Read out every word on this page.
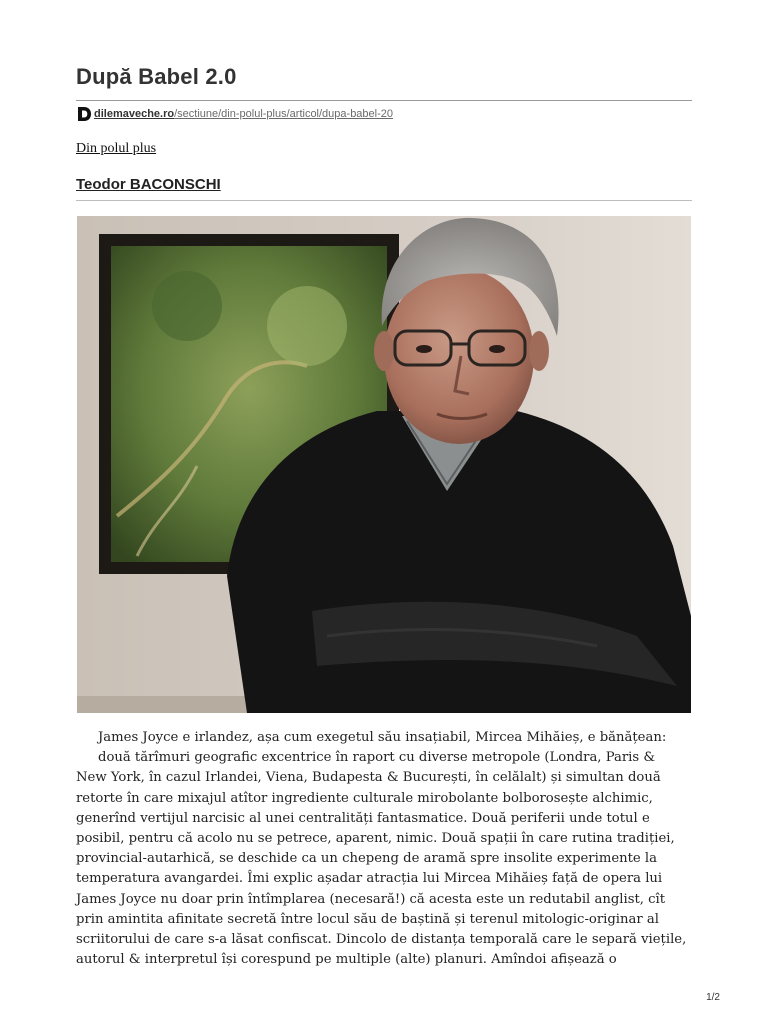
După Babel 2.0
dilemaveche.ro /sectiune/din-polul-plus/articol/dupa-babel-20
Din polul plus
Teodor BACONSCHI

James Joyce e irlandez, așa cum exegetul său insațiabil, Mircea Mihăieș, e bănățean:
două tărîmuri geografic excentrice în raport cu diverse metropole (Londra, Paris &
New York, în cazul Irlandei, Viena, Budapesta & București, în celălalt) și simultan două
retorte în care mixajul atîtor ingrediente culturale mirobolante bolborosește alchimic,
generînd vertijul narcisic al unei centralități fantasmatice. Două periferii unde totul e
posibil, pentru că acolo nu se petrece, aparent, nimic. Două spații în care rutina tradiției,
provincial-autarhică, se deschide ca un chepeng de aramă spre insolite experimente la
temperatura avangardei. Îmi explic așadar atracția lui Mircea Mihăieș față de opera lui
James Joyce nu doar prin întîmplarea (necesară!) că acesta este un redutabil anglist, cît
prin amintita afinitate secretă între locul său de baștină și terenul mitologic-originar al
scriitorului de care s-a lăsat confiscat. Dincolo de distanța temporală care le separă viețile,
autorul & interpretul își corespund pe multiple (alte) planuri. Amîndoi afișează o

1/2
